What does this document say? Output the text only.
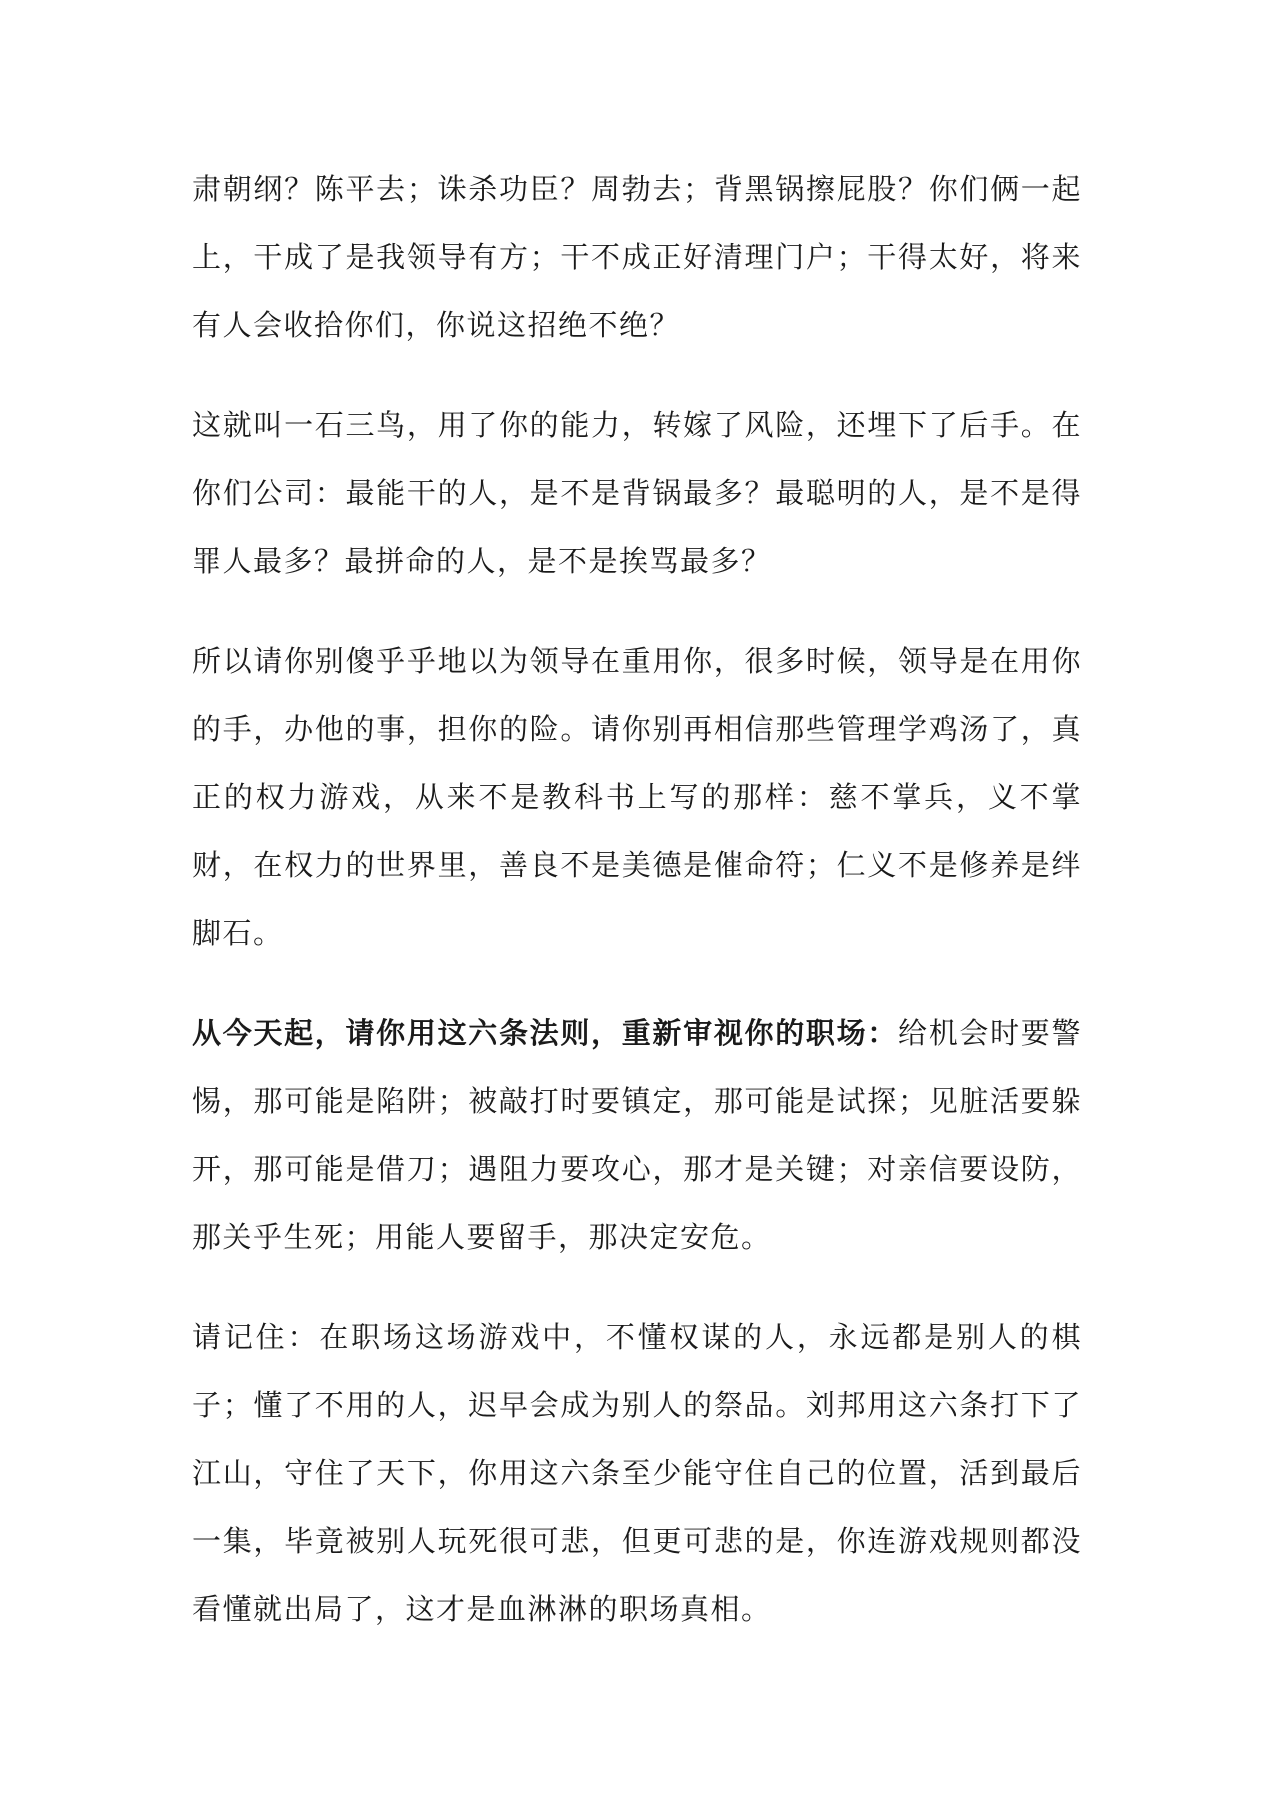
肃朝纲？陈平去；诛杀功臣？周勃去；背黑锅擦屁股？你们俩一起上，干成了是我领导有方；干不成正好清理门户；干得太好，将来有人会收拾你们，你说这招绝不绝？

这就叫一石三鸟，用了你的能力，转嫁了风险，还埋下了后手。在你们公司：最能干的人，是不是背锅最多？最聪明的人，是不是得罪人最多？最拼命的人，是不是挨骂最多？

所以请你别傻乎乎地以为领导在重用你，很多时候，领导是在用你的手，办他的事，担你的险。请你别再相信那些管理学鸡汤了，真正的权力游戏，从来不是教科书上写的那样：慈不掌兵，义不掌财，在权力的世界里，善良不是美德是催命符；仁义不是修养是绊脚石。

从今天起，请你用这六条法则，重新审视你的职场：给机会时要警惕，那可能是陷阱；被敲打时要镇定，那可能是试探；见脏活要躲开，那可能是借刀；遇阻力要攻心，那才是关键；对亲信要设防，那关乎生死；用能人要留手，那决定安危。

请记住：在职场这场游戏中，不懂权谋的人，永远都是别人的棋子；懂了不用的人，迟早会成为别人的祭品。刘邦用这六条打下了江山，守住了天下，你用这六条至少能守住自己的位置，活到最后一集，毕竟被别人玩死很可悲，但更可悲的是，你连游戏规则都没看懂就出局了，这才是血淋淋的职场真相。
